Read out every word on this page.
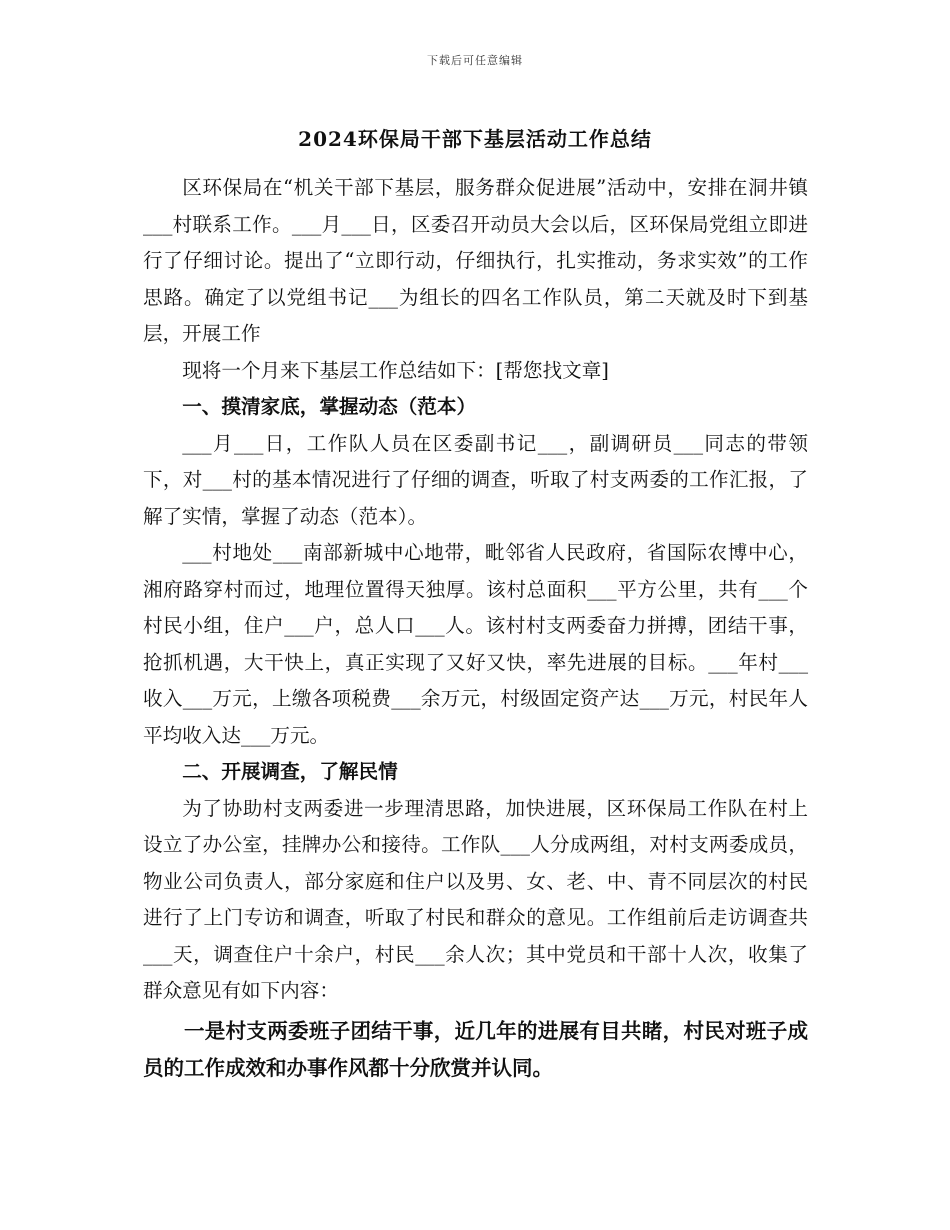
下载后可任意编辑
2024环保局干部下基层活动工作总结

区环保局在“机关干部下基层，服务群众促进展”活动中，安排在洞井镇___村联系工作。___月___日，区委召开动员大会以后，区环保局党组立即进行了仔细讨论。提出了“立即行动，仔细执行，扎实推动，务求实效”的工作思路。确定了以党组书记___为组长的四名工作队员，第二天就及时下到基层，开展工作

现将一个月来下基层工作总结如下：[帮您找文章]

一、摸清家底，掌握动态（范本）

___月___日，工作队人员在区委副书记___，副调研员___同志的带领下，对___村的基本情况进行了仔细的调查，听取了村支两委的工作汇报，了解了实情，掌握了动态（范本）。

___村地处___南部新城中心地带，毗邻省人民政府，省国际农博中心，湘府路穿村而过，地理位置得天独厚。该村总面积___平方公里，共有___个村民小组，住户___户，总人口___人。该村村支两委奋力拼搏，团结干事，抢抓机遇，大干快上，真正实现了又好又快，率先进展的目标。___年村___收入___万元，上缴各项税费___余万元，村级固定资产达___万元，村民年人平均收入达___万元。

二、开展调查，了解民情

为了协助村支两委进一步理清思路，加快进展，区环保局工作队在村上设立了办公室，挂牌办公和接待。工作队___人分成两组，对村支两委成员，物业公司负责人，部分家庭和住户以及男、女、老、中、青不同层次的村民进行了上门专访和调查，听取了村民和群众的意见。工作组前后走访调查共___天，调查住户十余户，村民___余人次；其中党员和干部十人次，收集了群众意见有如下内容：

一是村支两委班子团结干事，近几年的进展有目共睹，村民对班子成员的工作成效和办事作风都十分欣赏并认同。
